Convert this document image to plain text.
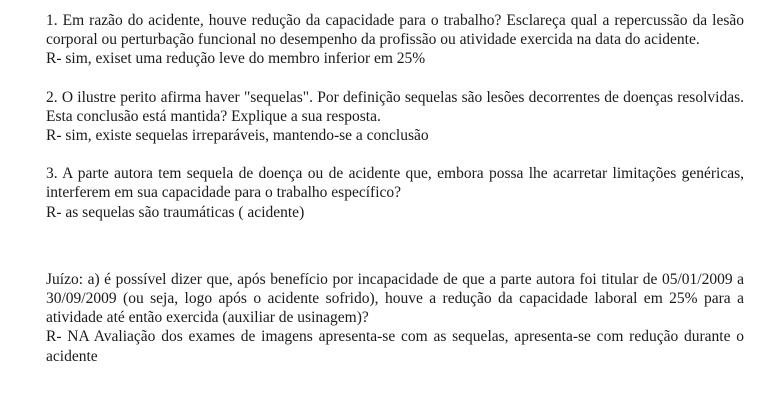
1. Em razão do acidente, houve redução da capacidade para o trabalho? Esclareça qual a repercussão da lesão corporal ou perturbação funcional no desempenho da profissão ou atividade exercida na data do acidente.

R- sim, exiset uma redução leve do membro inferior em 25%

2. O ilustre perito afirma haver "sequelas". Por definição sequelas são lesões decorrentes de doenças resolvidas. Esta conclusão está mantida? Explique a sua resposta.

R- sim, existe sequelas irreparáveis, mantendo-se a conclusão

3. A parte autora tem sequela de doença ou de acidente que, embora possa lhe acarretar limitações genéricas, interferem em sua capacidade para o trabalho específico?

R- as sequelas são traumáticas ( acidente)

Juízo: a) é possível dizer que, após benefício por incapacidade de que a parte autora foi titular de 05/01/2009 a 30/09/2009 (ou seja, logo após o acidente sofrido), houve a redução da capacidade laboral em 25% para a atividade até então exercida (auxiliar de usinagem)?

R- NA Avaliação dos exames de imagens apresenta-se com as sequelas, apresenta-se com redução durante o acidente
